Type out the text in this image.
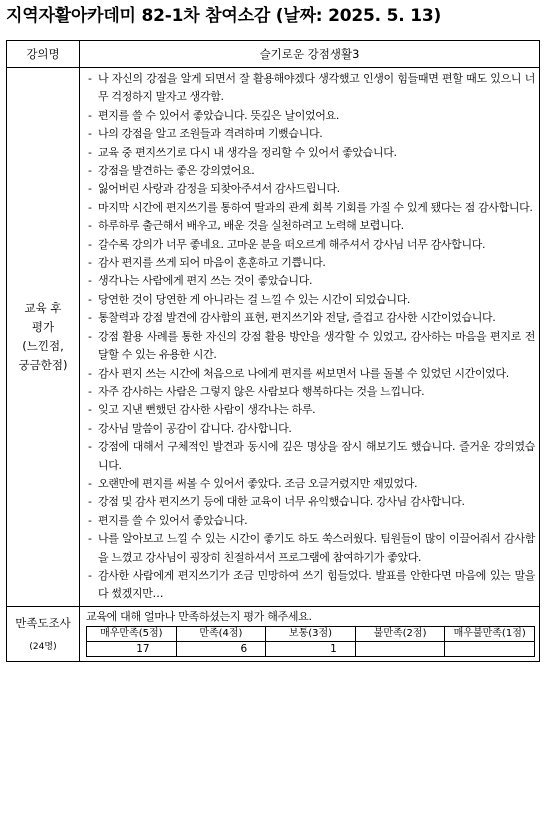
지역자활아카데미 82-1차 참여소감 (날짜: 2025. 5. 13)
강의명	슬기로운 강점생활3

교육 후
평가
(느낀점,
궁금한점)

- 나 자신의 강점을 알게 되면서 잘 활용해야겠다 생각했고 인생이 힘들때면 편할 때도 있으니 너무 걱정하지 말자고 생각함.
- 편지를 쓸 수 있어서 좋았습니다. 뜻깊은 날이었어요.
- 나의 강점을 알고 조원들과 격려하며 기뻤습니다.
- 교육 중 편지쓰기로 다시 내 생각을 정리할 수 있어서 좋았습니다.
- 강점을 발견하는 좋은 강의였어요.
- 잃어버린 사랑과 감정을 되찾아주셔서 감사드립니다.
- 마지막 시간에 편지쓰기를 통하여 딸과의 관계 회복 기회를 가질 수 있게 됐다는 점 감사합니다.
- 하루하루 출근해서 배우고, 배운 것을 실천하려고 노력해 보렵니다.
- 갈수록 강의가 너무 좋네요. 고마운 분을 떠오르게 해주셔서 강사님 너무 감사합니다.
- 감사 편지를 쓰게 되어 마음이 훈훈하고 기쁩니다.
- 생각나는 사람에게 편지 쓰는 것이 좋았습니다.
- 당연한 것이 당연한 게 아니라는 걸 느낄 수 있는 시간이 되었습니다.
- 통찰력과 강점 발견에 감사함의 표현, 편지쓰기와 전달, 즐겁고 감사한 시간이었습니다.
- 강점 활용 사례를 통한 자신의 강점 활용 방안을 생각할 수 있었고, 감사하는 마음을 편지로 전달할 수 있는 유용한 시간.
- 감사 편지 쓰는 시간에 처음으로 나에게 편지를 써보면서 나를 돌볼 수 있었던 시간이었다.
- 자주 감사하는 사람은 그렇지 않은 사람보다 행복하다는 것을 느낍니다.
- 잊고 지낸 뻔했던 감사한 사람이 생각나는 하루.
- 강사님 말씀이 공감이 갑니다. 감사합니다.
- 강점에 대해서 구체적인 발견과 동시에 깊은 명상을 잠시 해보기도 했습니다. 즐거운 강의였습니다.
- 오랜만에 편지를 써볼 수 있어서 좋았다. 조금 오글거렸지만 재밌었다.
- 강점 및 감사 편지쓰기 등에 대한 교육이 너무 유익했습니다. 강사님 감사합니다.
- 편지를 쓸 수 있어서 좋았습니다.
- 나를 알아보고 느낄 수 있는 시간이 좋기도 하도 쑥스러웠다. 팀원들이 많이 이끌어줘서 감사함을 느꼈고 강사님이 굉장히 친절하셔서 프로그램에 참여하기가 좋았다.
- 감사한 사람에게 편지쓰기가 조금 민망하여 쓰기 힘들었다. 발표를 안한다면 마음에 있는 말을 다 썼겠지만…

만족도조사
(24명)

교육에 대해 얼마나 만족하셨는지 평가 해주세요.
매우만족(5점)	만족(4점)	보통(3점)	불만족(2점)	매우불만족(1점)
17	6	1		
